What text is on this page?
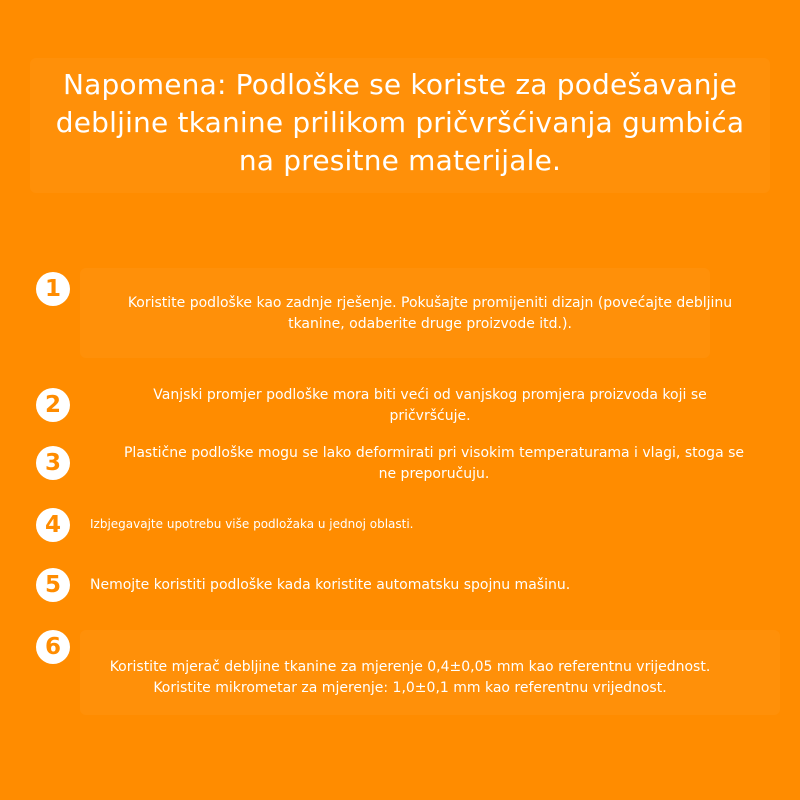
Napomena: Podloške se koriste za podešavanje
debljine tkanine prilikom pričvršćivanja gumbića
na presitne materijale.
1

Koristite podloške kao zadnje rješenje. Pokušajte promijeniti dizajn (povećajte debljinu
tkanine, odaberite druge proizvode itd.).

2	Vanjski promjer podloške mora biti veći od vanjskog promjera proizvoda koji se
pričvršćuje.

3	Plastične podloške mogu se lako deformirati pri visokim temperaturama i vlagi, stoga se
ne preporučuju.

4	Izbjegavajte upotrebu više podložaka u jednoj oblasti.

5	Nemojte koristiti podloške kada koristite automatsku spojnu mašinu.

6

Koristite mjerač debljine tkanine za mjerenje 0,4±0,05 mm kao referentnu vrijednost.
Koristite mikrometar za mjerenje: 1,0±0,1 mm kao referentnu vrijednost.
